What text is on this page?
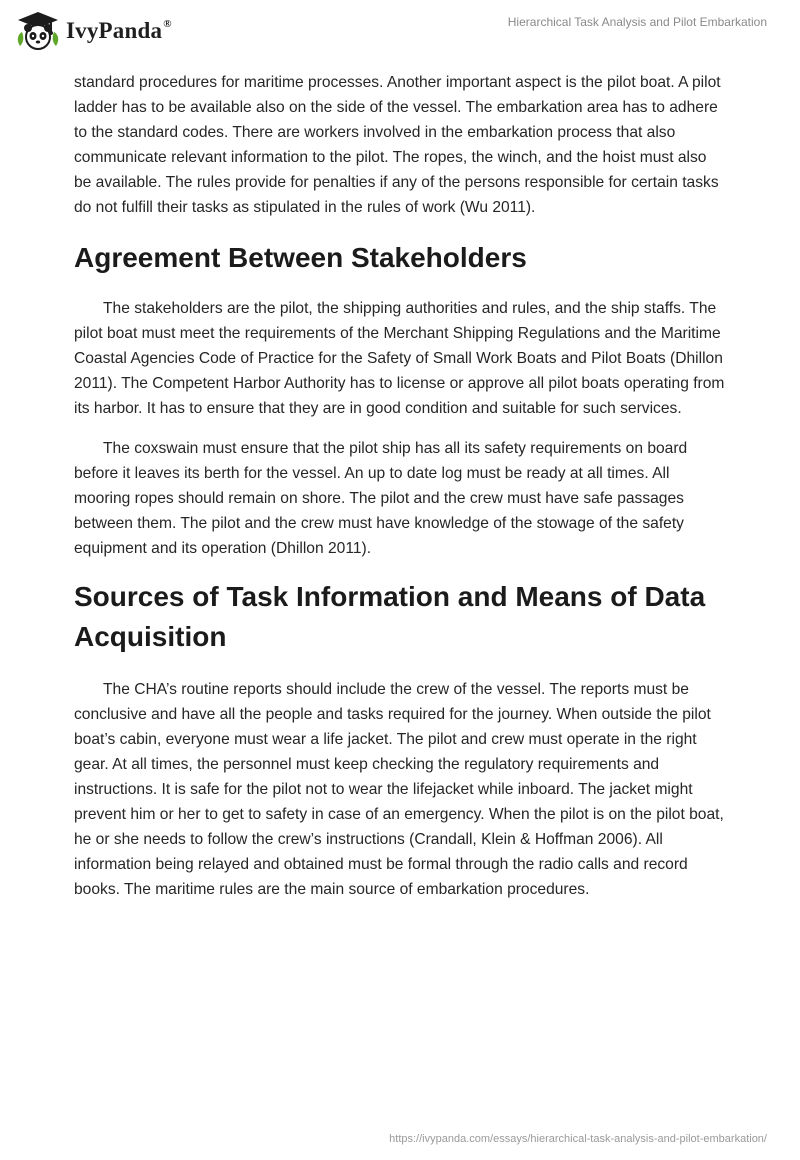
IvyPanda®	Hierarchical Task Analysis and Pilot Embarkation

standard procedures for maritime processes. Another important aspect is the pilot boat. A pilot ladder has to be available also on the side of the vessel. The embarkation area has to adhere to the standard codes. There are workers involved in the embarkation process that also communicate relevant information to the pilot. The ropes, the winch, and the hoist must also be available. The rules provide for penalties if any of the persons responsible for certain tasks do not fulfill their tasks as stipulated in the rules of work (Wu 2011).

Agreement Between Stakeholders

The stakeholders are the pilot, the shipping authorities and rules, and the ship staffs. The pilot boat must meet the requirements of the Merchant Shipping Regulations and the Maritime Coastal Agencies Code of Practice for the Safety of Small Work Boats and Pilot Boats (Dhillon 2011). The Competent Harbor Authority has to license or approve all pilot boats operating from its harbor. It has to ensure that they are in good condition and suitable for such services.

The coxswain must ensure that the pilot ship has all its safety requirements on board before it leaves its berth for the vessel. An up to date log must be ready at all times. All mooring ropes should remain on shore. The pilot and the crew must have safe passages between them. The pilot and the crew must have knowledge of the stowage of the safety equipment and its operation (Dhillon 2011).

Sources of Task Information and Means of Data Acquisition

The CHA’s routine reports should include the crew of the vessel. The reports must be conclusive and have all the people and tasks required for the journey. When outside the pilot boat’s cabin, everyone must wear a life jacket. The pilot and crew must operate in the right gear. At all times, the personnel must keep checking the regulatory requirements and instructions. It is safe for the pilot not to wear the lifejacket while inboard. The jacket might prevent him or her to get to safety in case of an emergency. When the pilot is on the pilot boat, he or she needs to follow the crew’s instructions (Crandall, Klein & Hoffman 2006). All information being relayed and obtained must be formal through the radio calls and record books. The maritime rules are the main source of embarkation procedures.

https://ivypanda.com/essays/hierarchical-task-analysis-and-pilot-embarkation/
